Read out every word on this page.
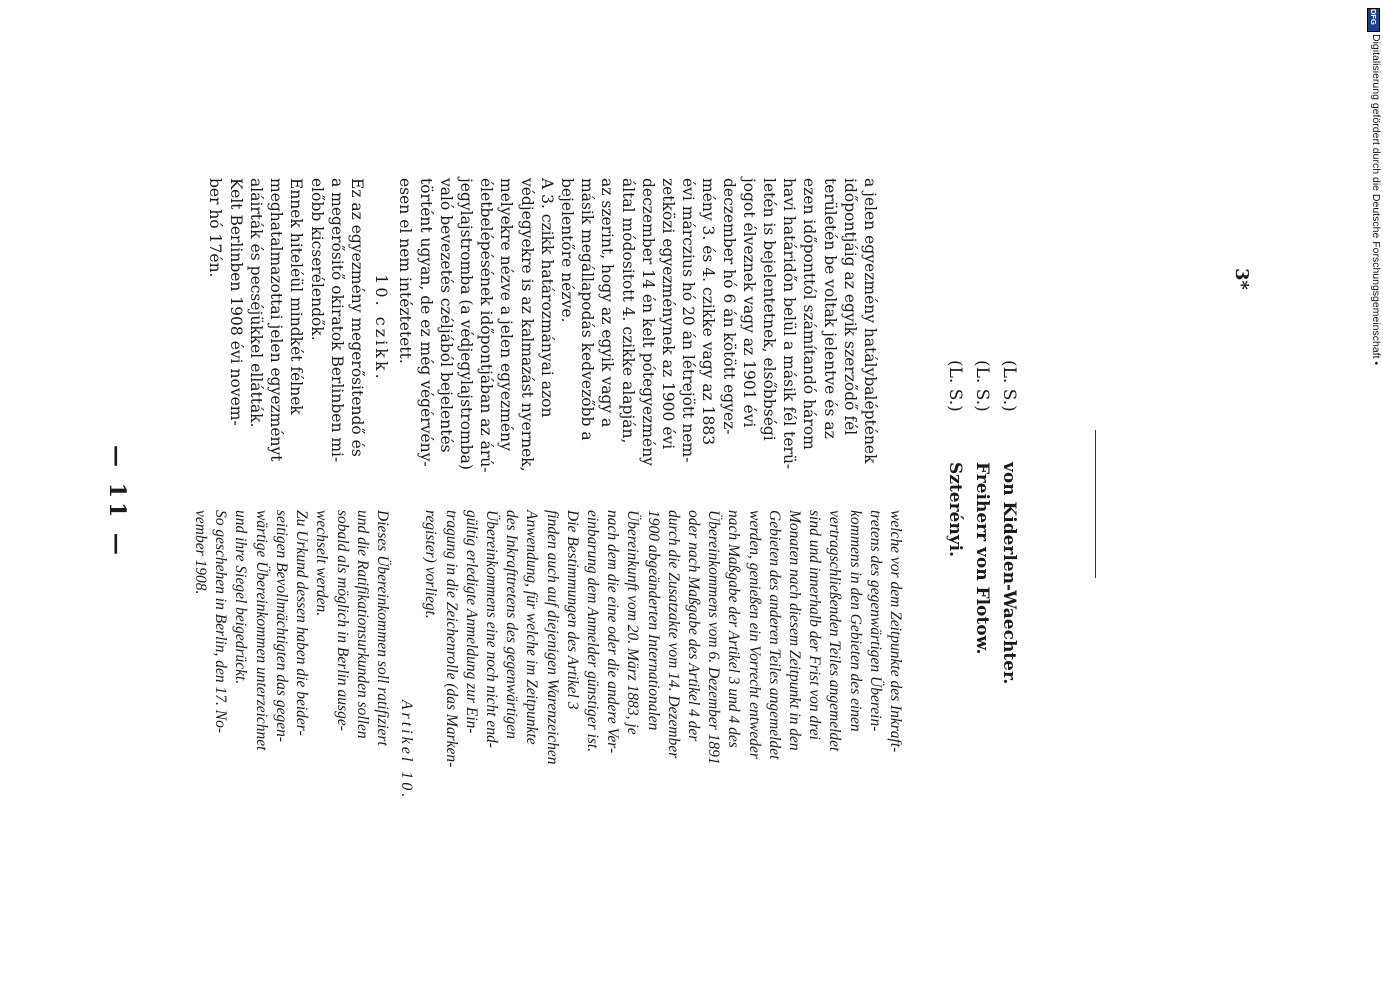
— 11 —
a jelen egyezmény hatálybaléptének
időpontjáig az egyik szerződő fél
területén be voltak jelentve és az
ezen időponttól számítandó három
havi határidőn belül a másik fél terü-
letén is bejelentetnek, elsőbbségi
jogot élveznek vagy az 1901 évi
deczember hó 6 án kötött egyez-
mény 3. és 4. czikke vagy az 1883
évi márczius hó 20 án létrejött nem-
zetközi egyezménynek az 1900 évi
deczember 14 én kelt pótegyezmény
által módositott 4. czikke alapján,
az szerint, hogy az egyik vagy a
másik megállapodás kedvezőbb a
bejelentőre nézve.
A 3. czikk határozmányai azon
védjegyekre is az kalmazást nyernek,
melyekre nézve a jelen egyezmény
életbelépésének időpontjában az árú-
jegylajstromba (a védjegylajstromba)
való bevezetés czéljából bejelentés
történt ugyan, de ez még végérvény-
esen el nem intéztetett.
10. czikk.
Ez az egyezmény megerősitendő és
a megerősitő okiratok Berlinben mi-
előbb kicserélendők.
Ennek hiteléül mindkét félnek
meghatalmazottai jelen egyezményt
aláirták és pecséjükkel ellátták.
Kelt Berlinben 1908 évi novem-
ber hó 17én.
welche vor dem Zeitpunkte des Inkraft-
tretens des gegenwärtigen Überein-
kommens in den Gebieten des einen
vertragschließenden Teiles angemeldet
sind und innerhalb der Frist von drei
Monaten nach diesem Zeitpunkt in den
Gebieten des anderen Teiles angemeldet
werden, genießen ein Vorrecht entweder
nach Maßgabe der Artikel 3 und 4 des
Übereinkommens vom 6. Dezember 1891
oder nach Maßgabe des Artikel 4 der
durch die Zusatzakte vom 14. Dezember
1900 abgeänderten Internationalen
Übereinkunft vom 20. März 1883, je
nach dem die eine oder die andere Ver-
einbarung dem Anmelder günstiger ist.
Die Bestimmungen des Artikel 3
finden auch auf diejenigen Warenzeichen
Anwendung, für welche im Zeitpunkte
des Inkrafttretens des gegenwärtigen
Übereinkommens eine noch nicht end-
gültig erledigte Anmeldung zur Ein-
tragung in die Zeichenrolle (das Marken-
register) vorliegt.
Artikel 10.
Dieses Übereinkommen soll ratifiziert
und die Ratifikationsurkunden sollen
sobald als möglich in Berlin ausge-
wechselt werden.
Zu Urkund dessen haben die beider-
seitigen Bevollmächtigten das gegen-
wärtige Übereinkommen unterzeichnet
und ihre Siegel beigedrückt.
So geschehen in Berlin, den 17. No-
vember 1908.
(L. S.)von Kiderlen-Waechter.
(L. S.)Freiherr von Flotow.
(L. S.)Szterényi.
3*	Digitalisierung gefördert durch die Deutsche Forschungsgemeinschaft •
DFG
